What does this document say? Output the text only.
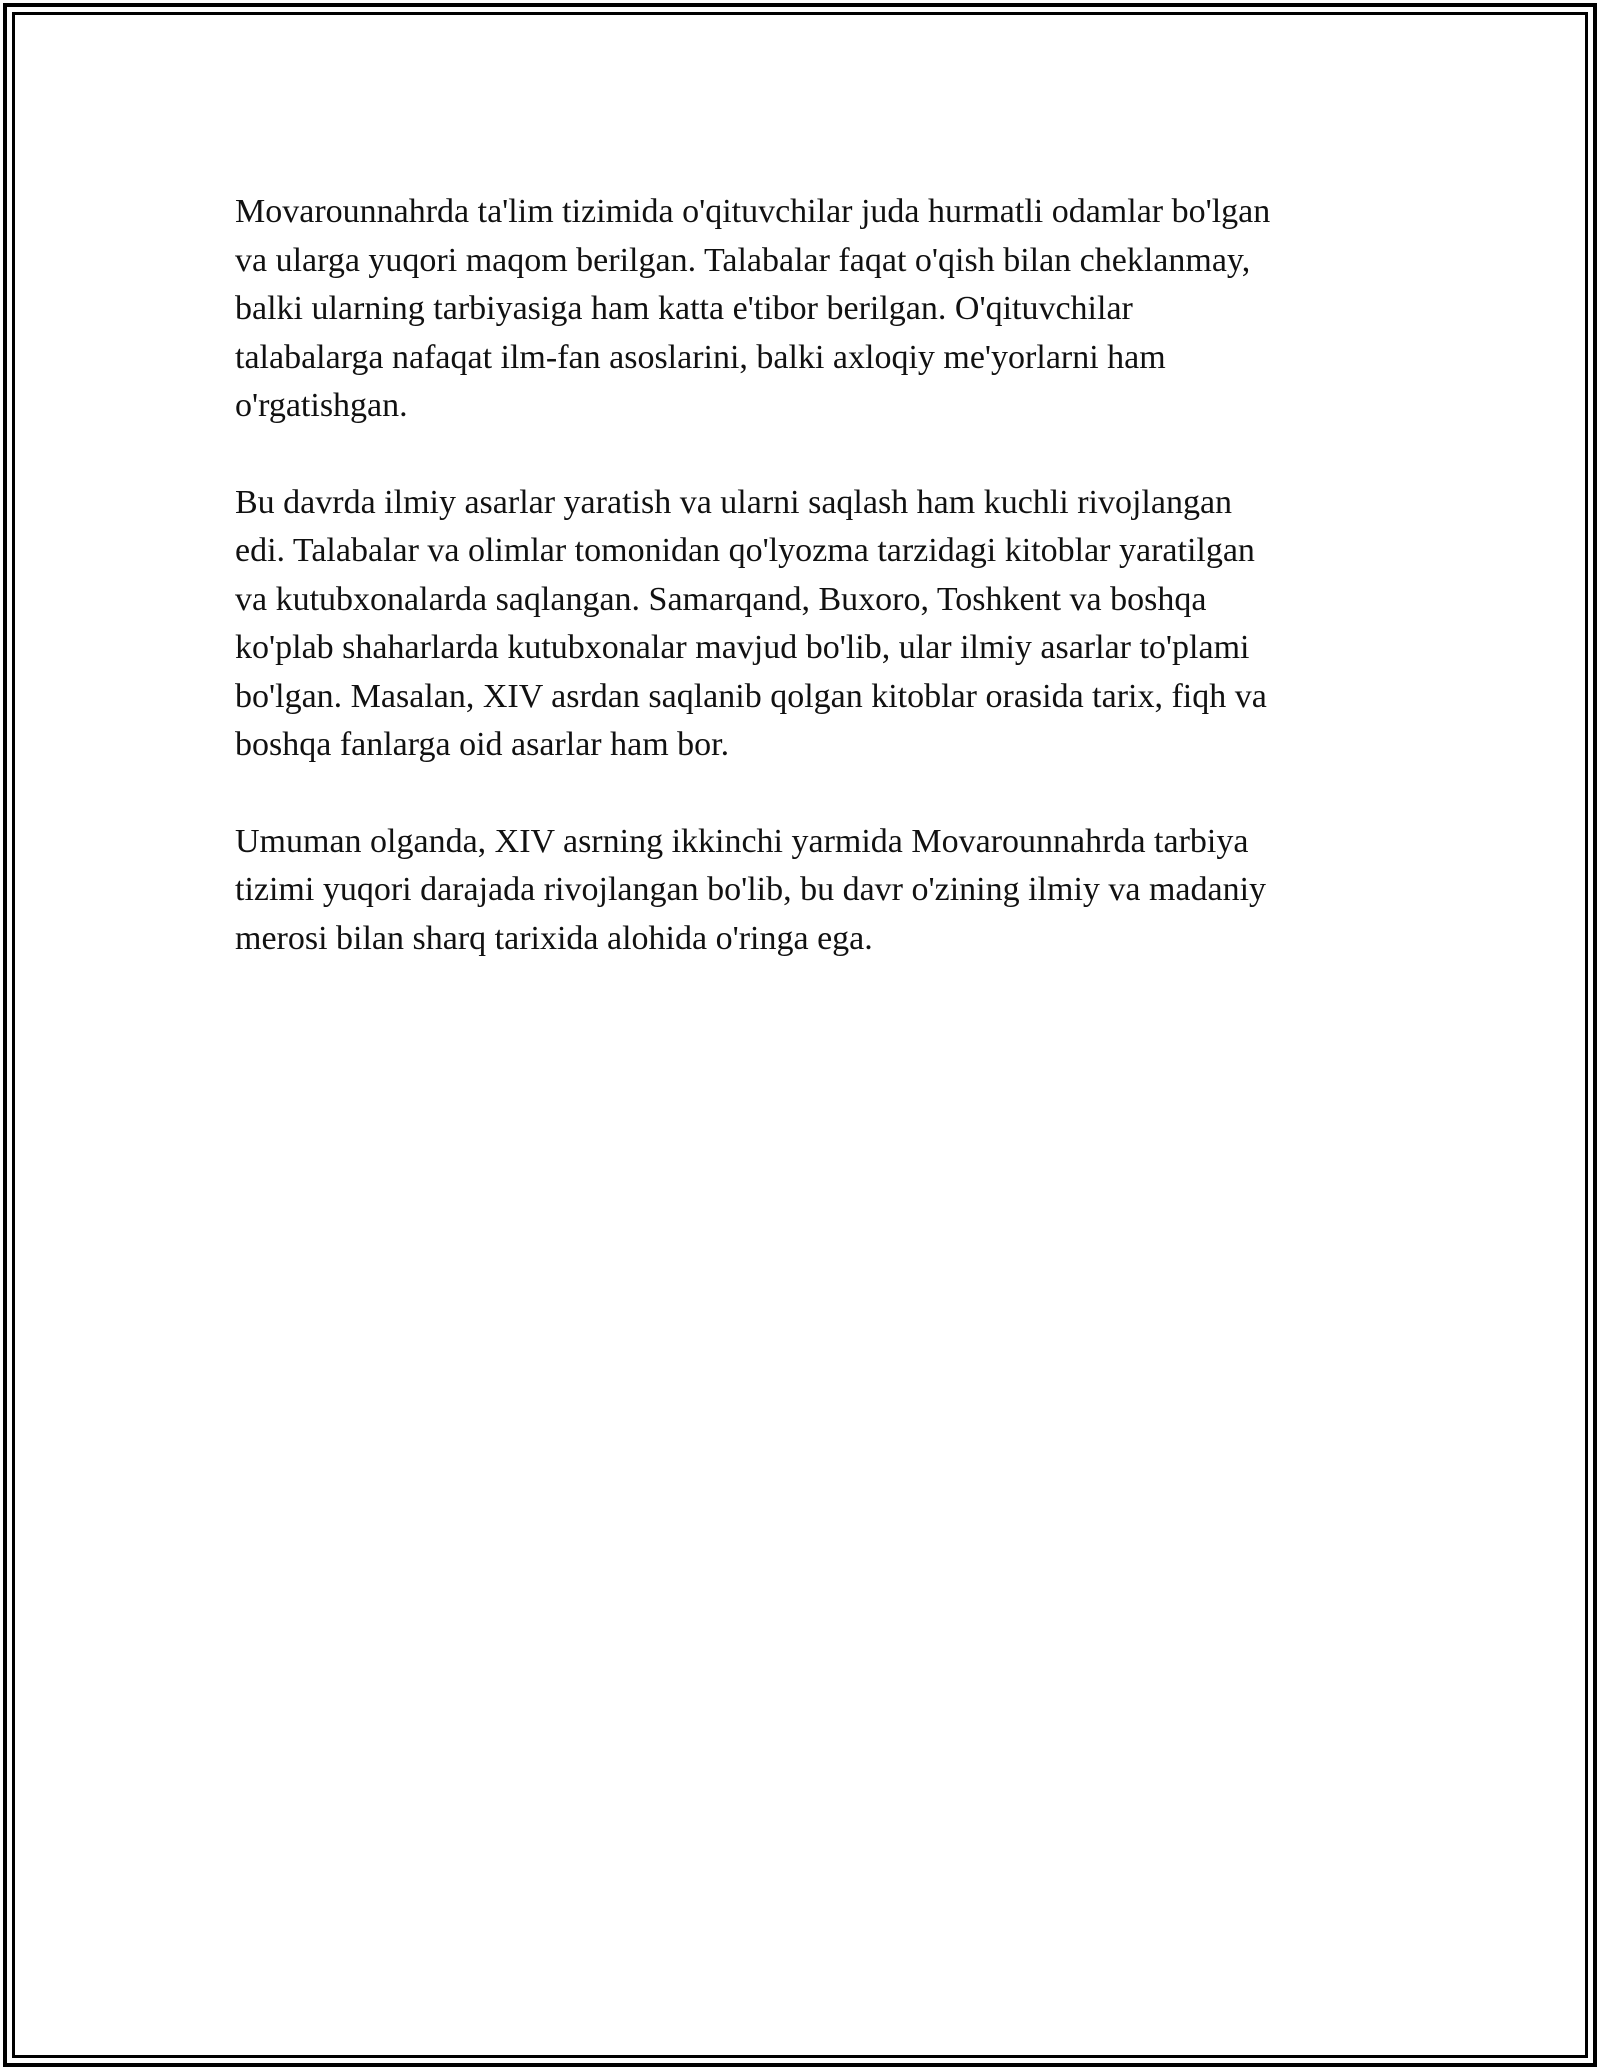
Movarounnahrda ta'lim tizimida o'qituvchilar juda hurmatli odamlar bo'lgan
va ularga yuqori maqom berilgan. Talabalar faqat o'qish bilan cheklanmay,
balki ularning tarbiyasiga ham katta e'tibor berilgan. O'qituvchilar
talabalarga nafaqat ilm-fan asoslarini, balki axloqiy me'yorlarni ham
o'rgatishgan.

Bu davrda ilmiy asarlar yaratish va ularni saqlash ham kuchli rivojlangan
edi. Talabalar va olimlar tomonidan qo'lyozma tarzidagi kitoblar yaratilgan
va kutubxonalarda saqlangan. Samarqand, Buxoro, Toshkent va boshqa
ko'plab shaharlarda kutubxonalar mavjud bo'lib, ular ilmiy asarlar to'plami
bo'lgan. Masalan, XIV asrdan saqlanib qolgan kitoblar orasida tarix, fiqh va
boshqa fanlarga oid asarlar ham bor.

Umuman olganda, XIV asrning ikkinchi yarmida Movarounnahrda tarbiya
tizimi yuqori darajada rivojlangan bo'lib, bu davr o'zining ilmiy va madaniy
merosi bilan sharq tarixida alohida o'ringa ega.
